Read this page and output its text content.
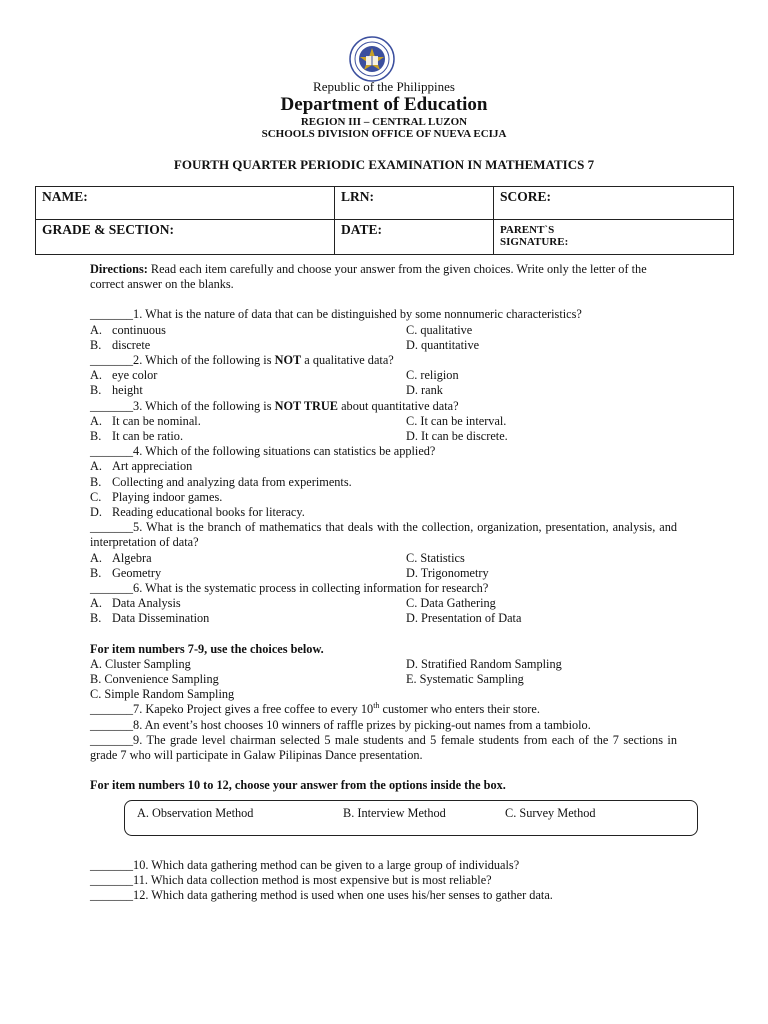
Republic of the Philippines
Department of Education
REGION III – CENTRAL LUZON
SCHOOLS DIVISION OFFICE OF NUEVA ECIJA
FOURTH QUARTER PERIODIC EXAMINATION IN MATHEMATICS 7
NAME:	LRN:	SCORE:
GRADE & SECTION:	DATE:	PARENT`S
SIGNATURE:

Directions: Read each item carefully and choose your answer from the given choices. Write only the letter of the correct answer on the blanks.

_______1. What is the nature of data that can be distinguished by some nonnumeric characteristics?

A. continuous	C. qualitative
B. discrete	D. quantitative

_______2. Which of the following is NOT a qualitative data?

A. eye color	C. religion
B. height	D. rank

_______3. Which of the following is NOT TRUE about quantitative data?

A. It can be nominal.	C. It can be interval.
B. It can be ratio.	D. It can be discrete.

_______4. Which of the following situations can statistics be applied?

A. Art appreciation
B. Collecting and analyzing data from experiments.
C. Playing indoor games.
D. Reading educational books for literacy.

_______5. What is the branch of mathematics that deals with the collection, organization, presentation, analysis, and interpretation of data?

A. Algebra	C. Statistics
B. Geometry	D. Trigonometry

_______6. What is the systematic process in collecting information for research?

A. Data Analysis	C. Data Gathering
B. Data Dissemination	D. Presentation of Data

For item numbers 7-9, use the choices below.

A. Cluster Sampling	D. Stratified Random Sampling
B. Convenience Sampling	E. Systematic Sampling
C. Simple Random Sampling

_______7. Kapeko Project gives a free coffee to every 10th customer who enters their store.

_______8. An event’s host chooses 10 winners of raffle prizes by picking-out names from a tambiolo.

_______9. The grade level chairman selected 5 male students and 5 female students from each of the 7 sections in grade 7 who will participate in Galaw Pilipinas Dance presentation.

For item numbers 10 to 12, choose your answer from the options inside the box.

A. Observation Method	B. Interview Method	C. Survey Method

_______10. Which data gathering method can be given to a large group of individuals?

_______11. Which data collection method is most expensive but is most reliable?

_______12. Which data gathering method is used when one uses his/her senses to gather data.
